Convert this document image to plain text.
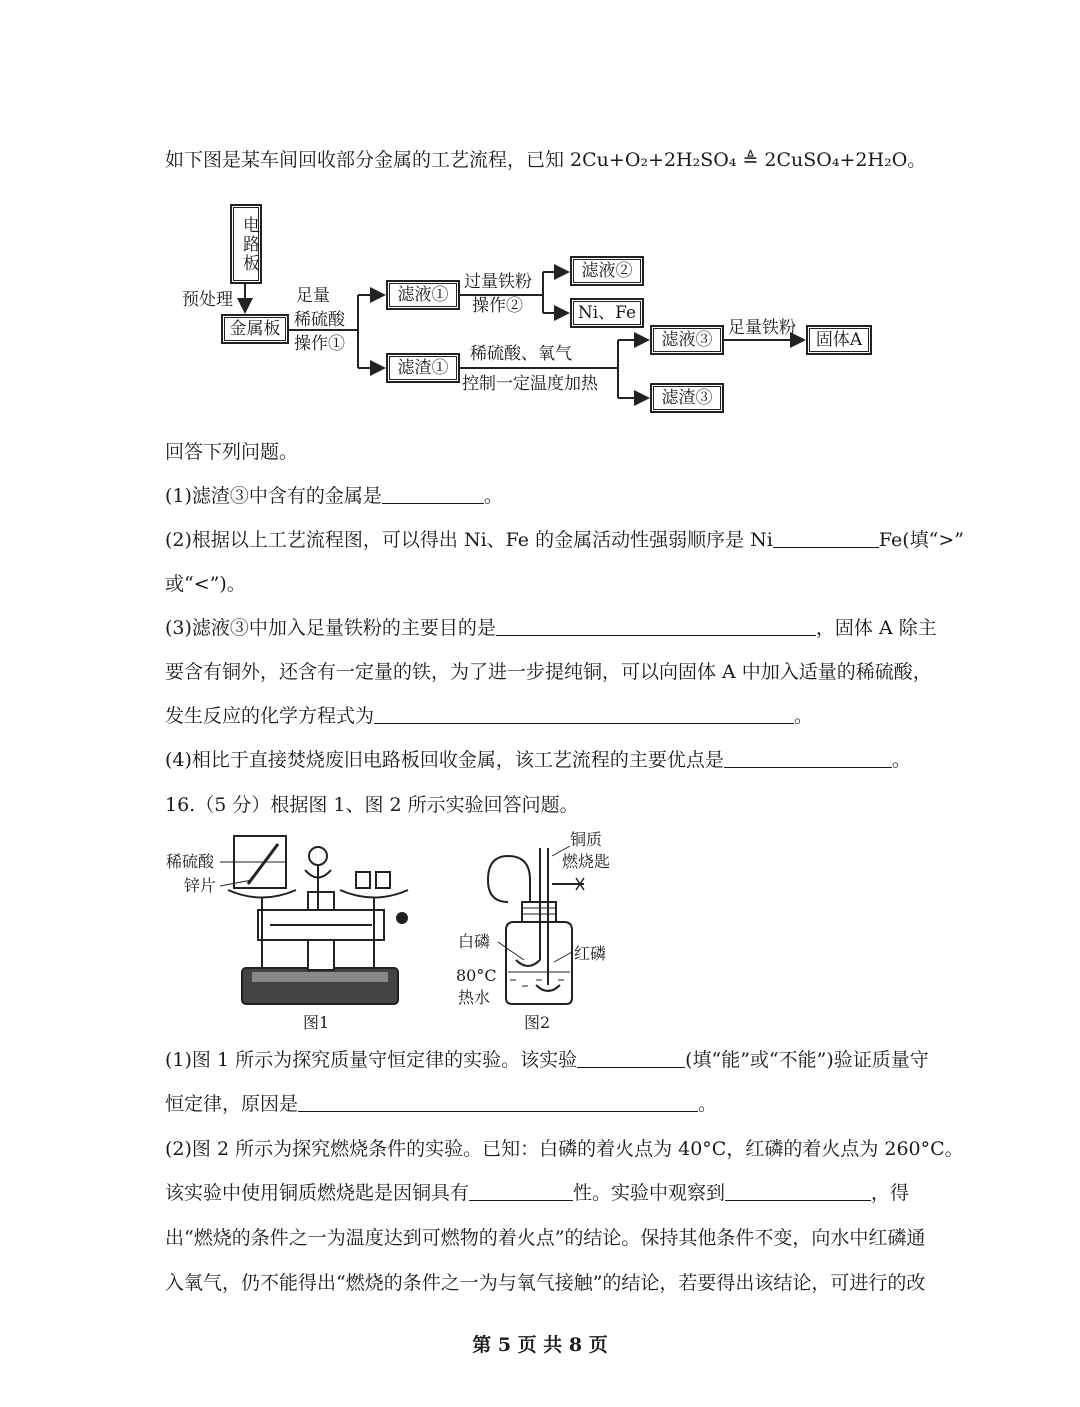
如下图是某车间回收部分金属的工艺流程，已知 2Cu+O₂+2H₂SO₄ ≜ 2CuSO₄+2H₂O。
电路板
预处理
金属板
足量
稀硫酸
操作①
滤液①
滤渣①
过量铁粉
操作②
滤液②
Ni、Fe
稀硫酸、氧气
控制一定温度加热
滤液③
滤渣③
足量铁粉
固体A
回答下列问题。
(1)滤渣③中含有的金属是	。
(2)根据以上工艺流程图，可以得出 Ni、Fe 的金属活动性强弱顺序是 Ni	Fe(填“>”
或“<”)。
(3)滤液③中加入足量铁粉的主要目的是	，固体 A 除主
要含有铜外，还含有一定量的铁，为了进一步提纯铜，可以向固体 A 中加入适量的稀硫酸，
发生反应的化学方程式为	。
(4)相比于直接焚烧废旧电路板回收金属，该工艺流程的主要优点是	。
16.（5 分）根据图 1、图 2 所示实验回答问题。
稀硫酸
锌片
图1
铜质
燃烧匙
白磷
红磷
80°C
热水
图2
(1)图 1 所示为探究质量守恒定律的实验。该实验	(填“能”或“不能”)验证质量守
恒定律，原因是	。
(2)图 2 所示为探究燃烧条件的实验。已知：白磷的着火点为 40°C，红磷的着火点为 260°C。
该实验中使用铜质燃烧匙是因铜具有	性。实验中观察到	，得
出“燃烧的条件之一为温度达到可燃物的着火点”的结论。保持其他条件不变，向水中红磷通
入氧气，仍不能得出“燃烧的条件之一为与氧气接触”的结论，若要得出该结论，可进行的改
第 5 页 共 8 页
